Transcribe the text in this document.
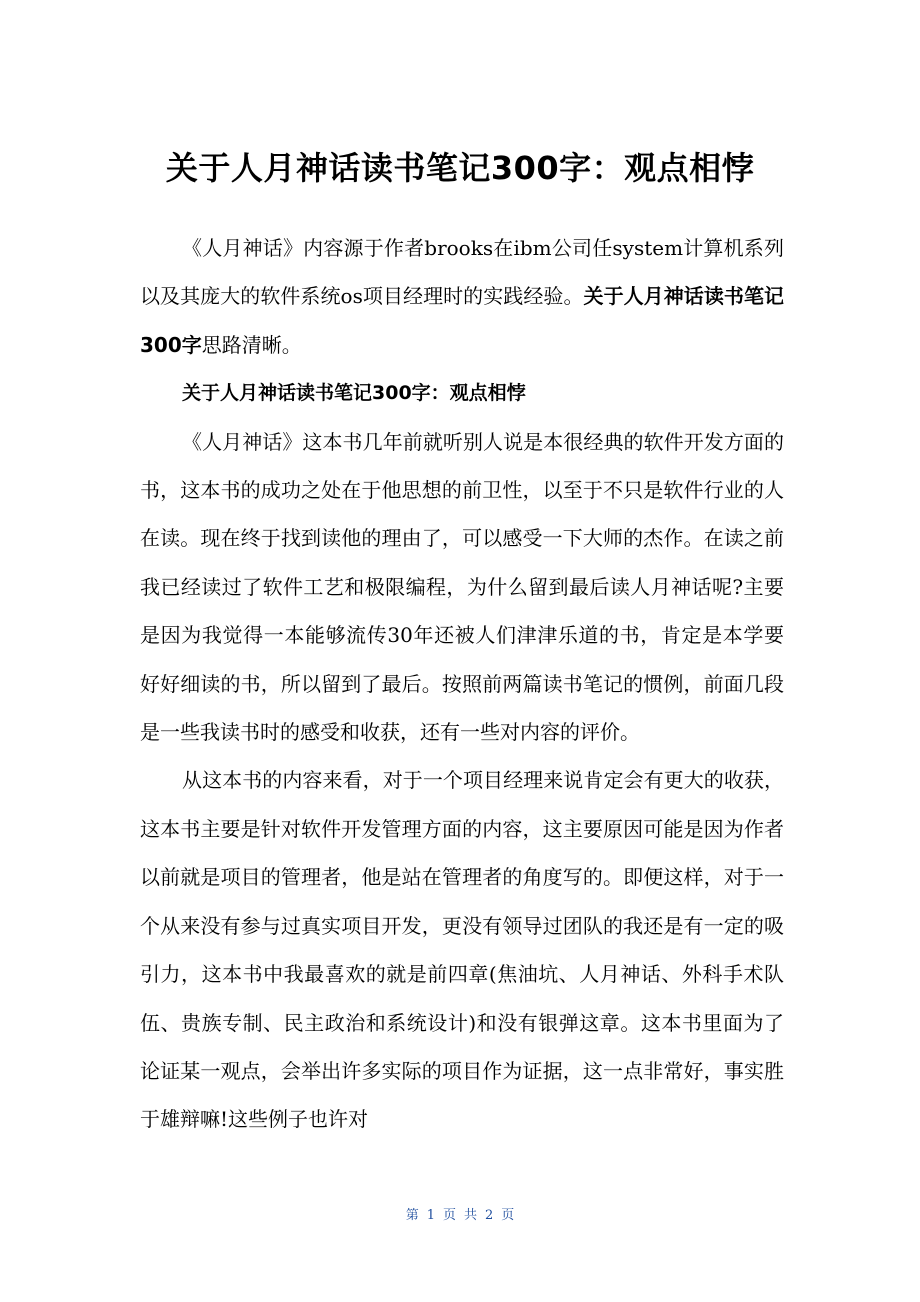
关于人月神话读书笔记300字：观点相悖

《人月神话》内容源于作者brooks在ibm公司任system计算机系列以及其庞大的软件系统os项目经理时的实践经验。关于人月神话读书笔记300字思路清晰。

关于人月神话读书笔记300字：观点相悖

《人月神话》这本书几年前就听别人说是本很经典的软件开发方面的书，这本书的成功之处在于他思想的前卫性，以至于不只是软件行业的人在读。现在终于找到读他的理由了，可以感受一下大师的杰作。在读之前我已经读过了软件工艺和极限编程，为什么留到最后读人月神话呢?主要是因为我觉得一本能够流传30年还被人们津津乐道的书，肯定是本学要好好细读的书，所以留到了最后。按照前两篇读书笔记的惯例，前面几段是一些我读书时的感受和收获，还有一些对内容的评价。

从这本书的内容来看，对于一个项目经理来说肯定会有更大的收获，这本书主要是针对软件开发管理方面的内容，这主要原因可能是因为作者以前就是项目的管理者，他是站在管理者的角度写的。即便这样，对于一个从来没有参与过真实项目开发，更没有领导过团队的我还是有一定的吸引力，这本书中我最喜欢的就是前四章(焦油坑、人月神话、外科手术队伍、贵族专制、民主政治和系统设计)和没有银弹这章。这本书里面为了论证某一观点，会举出许多实际的项目作为证据，这一点非常好，事实胜于雄辩嘛!这些例子也许对

第 1 页 共 2 页
